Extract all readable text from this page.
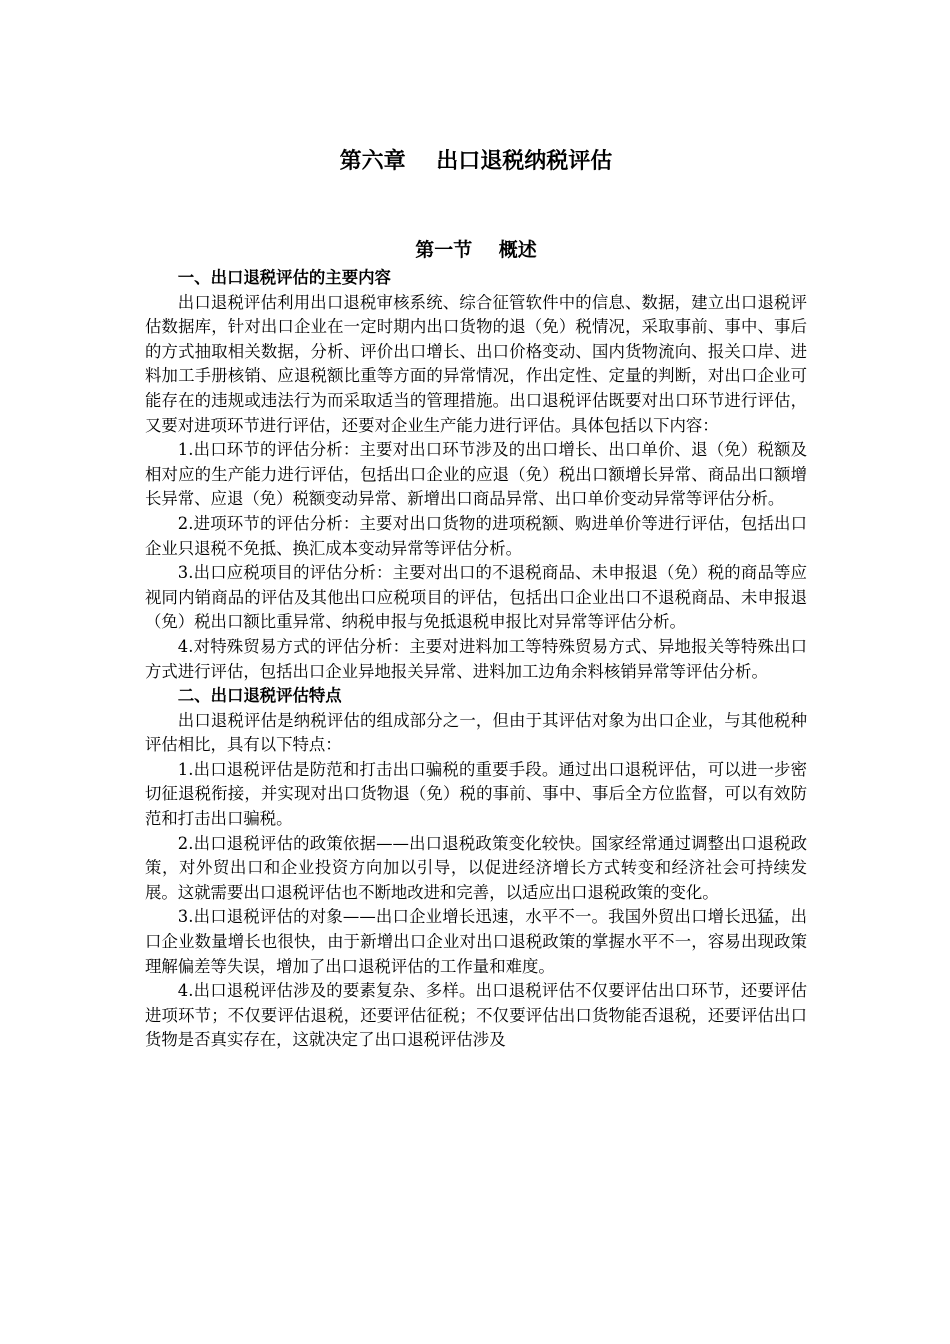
第六章    出口退税纳税评估
第一节    概述
一、出口退税评估的主要内容

出口退税评估利用出口退税审核系统、综合征管软件中的信息、数据，建立出口退税评估数据库，针对出口企业在一定时期内出口货物的退（免）税情况，采取事前、事中、事后的方式抽取相关数据，分析、评价出口增长、出口价格变动、国内货物流向、报关口岸、进料加工手册核销、应退税额比重等方面的异常情况，作出定性、定量的判断，对出口企业可能存在的违规或违法行为而采取适当的管理措施。出口退税评估既要对出口环节进行评估，又要对进项环节进行评估，还要对企业生产能力进行评估。具体包括以下内容：

1.出口环节的评估分析：主要对出口环节涉及的出口增长、出口单价、退（免）税额及相对应的生产能力进行评估，包括出口企业的应退（免）税出口额增长异常、商品出口额增长异常、应退（免）税额变动异常、新增出口商品异常、出口单价变动异常等评估分析。

2.进项环节的评估分析：主要对出口货物的进项税额、购进单价等进行评估，包括出口企业只退税不免抵、换汇成本变动异常等评估分析。

3.出口应税项目的评估分析：主要对出口的不退税商品、未申报退（免）税的商品等应视同内销商品的评估及其他出口应税项目的评估，包括出口企业出口不退税商品、未申报退（免）税出口额比重异常、纳税申报与免抵退税申报比对异常等评估分析。

4.对特殊贸易方式的评估分析：主要对进料加工等特殊贸易方式、异地报关等特殊出口方式进行评估，包括出口企业异地报关异常、进料加工边角余料核销异常等评估分析。

二、出口退税评估特点

出口退税评估是纳税评估的组成部分之一，但由于其评估对象为出口企业，与其他税种评估相比，具有以下特点：

1.出口退税评估是防范和打击出口骗税的重要手段。通过出口退税评估，可以进一步密切征退税衔接，并实现对出口货物退（免）税的事前、事中、事后全方位监督，可以有效防范和打击出口骗税。

2.出口退税评估的政策依据——出口退税政策变化较快。国家经常通过调整出口退税政策，对外贸出口和企业投资方向加以引导，以促进经济增长方式转变和经济社会可持续发展。这就需要出口退税评估也不断地改进和完善，以适应出口退税政策的变化。

3.出口退税评估的对象——出口企业增长迅速，水平不一。我国外贸出口增长迅猛，出口企业数量增长也很快，由于新增出口企业对出口退税政策的掌握水平不一，容易出现政策理解偏差等失误，增加了出口退税评估的工作量和难度。

4.出口退税评估涉及的要素复杂、多样。出口退税评估不仅要评估出口环节，还要评估进项环节；不仅要评估退税，还要评估征税；不仅要评估出口货物能否退税，还要评估出口货物是否真实存在，这就决定了出口退税评估涉及
